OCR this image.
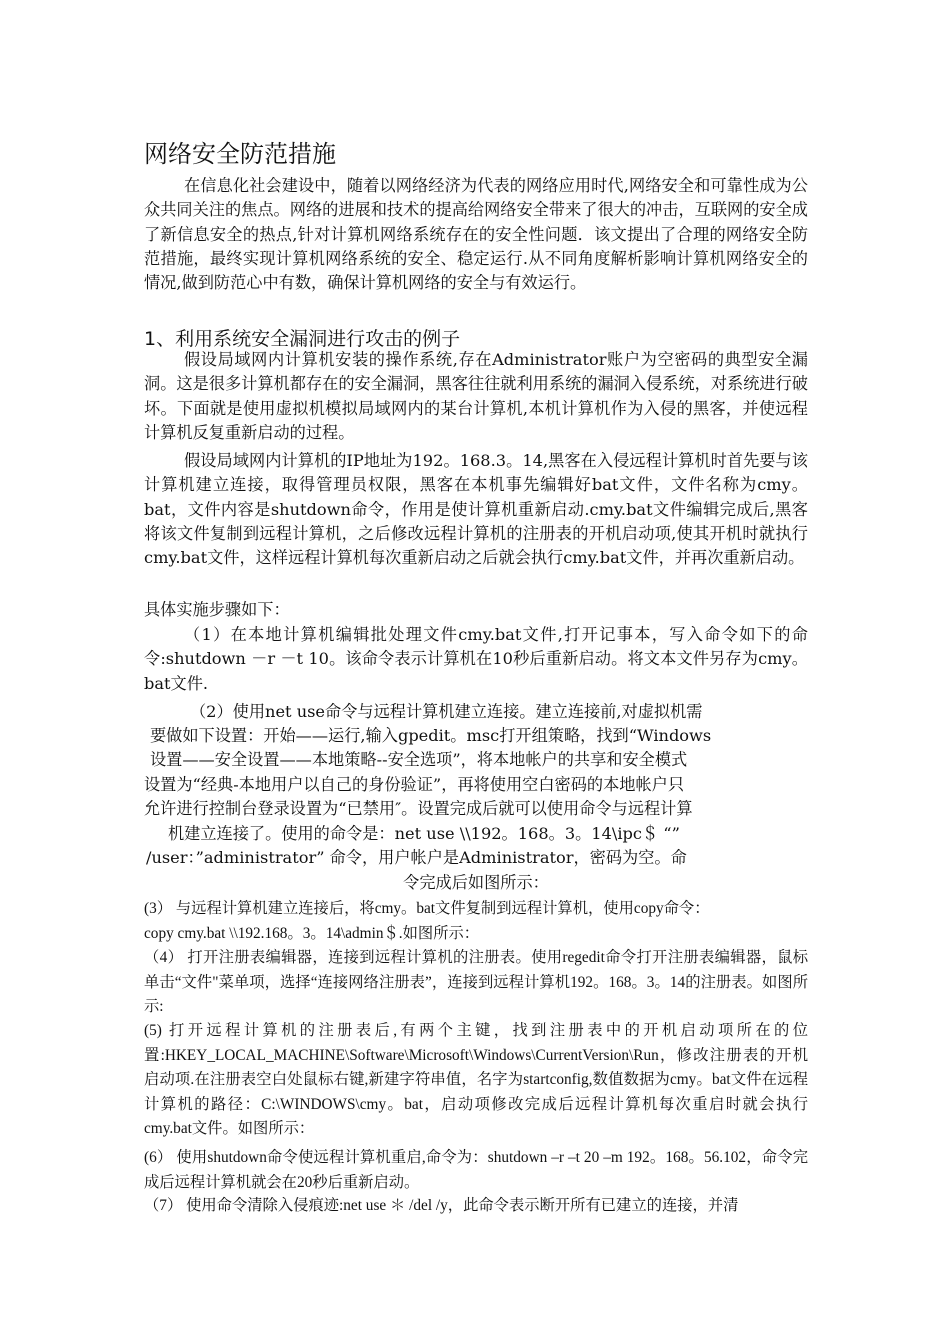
网络安全防范措施

在信息化社会建设中，随着以网络经济为代表的网络应用时代,网络安全和可靠性成为公众共同关注的焦点。网络的进展和技术的提高给网络安全带来了很大的冲击，互联网的安全成了新信息安全的热点,针对计算机网络系统存在的安全性问题．该文提出了合理的网络安全防范措施，最终实现计算机网络系统的安全、稳定运行.从不同角度解析影响计算机网络安全的情况,做到防范心中有数，确保计算机网络的安全与有效运行。

1、利用系统安全漏洞进行攻击的例子

假设局域网内计算机安装的操作系统,存在Administrator账户为空密码的典型安全漏洞。这是很多计算机都存在的安全漏洞，黑客往往就利用系统的漏洞入侵系统，对系统进行破坏。下面就是使用虚拟机模拟局域网内的某台计算机,本机计算机作为入侵的黑客，并使远程计算机反复重新启动的过程。

假设局域网内计算机的IP地址为192。168.3。14,黑客在入侵远程计算机时首先要与该计算机建立连接，取得管理员权限，黑客在本机事先编辑好bat文件，文件名称为cmy。bat，文件内容是shutdown命令，作用是使计算机重新启动.cmy.bat文件编辑完成后,黑客将该文件复制到远程计算机，之后修改远程计算机的注册表的开机启动项,使其开机时就执行cmy.bat文件，这样远程计算机每次重新启动之后就会执行cmy.bat文件，并再次重新启动。

具体实施步骤如下：

（1）在本地计算机编辑批处理文件cmy.bat文件,打开记事本，写入命令如下的命令:shutdown －r －t 10。该命令表示计算机在10秒后重新启动。将文本文件另存为cmy。bat文件.

（2）使用net use命令与远程计算机建立连接。建立连接前,对虚拟机需

要做如下设置：开始——运行,输入gpedit。msc打开组策略，找到“Windows

设置——安全设置——本地策略--安全选项”，将本地帐户的共享和安全模式

设置为“经典-本地用户以自己的身份验证”，再将使用空白密码的本地帐户只

允许进行控制台登录设置为“已禁用″。设置完成后就可以使用命令与远程计算

机建立连接了。使用的命令是：net use \\192。168。3。14\ipc＄ “”

/user：”administrator” 命令，用户帐户是Administrator，密码为空。命

令完成后如图所示：

(3） 与远程计算机建立连接后，将cmy。bat文件复制到远程计算机，使用copy命令：

copy cmy.bat \\192.168。3。14\admin＄.如图所示：

（4） 打开注册表编辑器，连接到远程计算机的注册表。使用regedit命令打开注册表编辑器，鼠标单击“文件"菜单项，选择“连接网络注册表”，连接到远程计算机192。168。3。14的注册表。如图所示:

(5) 打开远程计算机的注册表后,有两个主键，找到注册表中的开机启动项所在的位置:HKEY_LOCAL_MACHINE\Software\Microsoft\Windows\CurrentVersion\Run，修改注册表的开机启动项.在注册表空白处鼠标右键,新建字符串值，名字为startconfig,数值数据为cmy。bat文件在远程计算机的路径：C:\WINDOWS\cmy。bat，启动项修改完成后远程计算机每次重启时就会执行cmy.bat文件。如图所示：

(6） 使用shutdown命令使远程计算机重启,命令为：shutdown –r –t 20 –m 192。168。56.102，命令完成后远程计算机就会在20秒后重新启动。

（7） 使用命令清除入侵痕迹:net use ＊ /del /y，此命令表示断开所有已建立的连接，并清
